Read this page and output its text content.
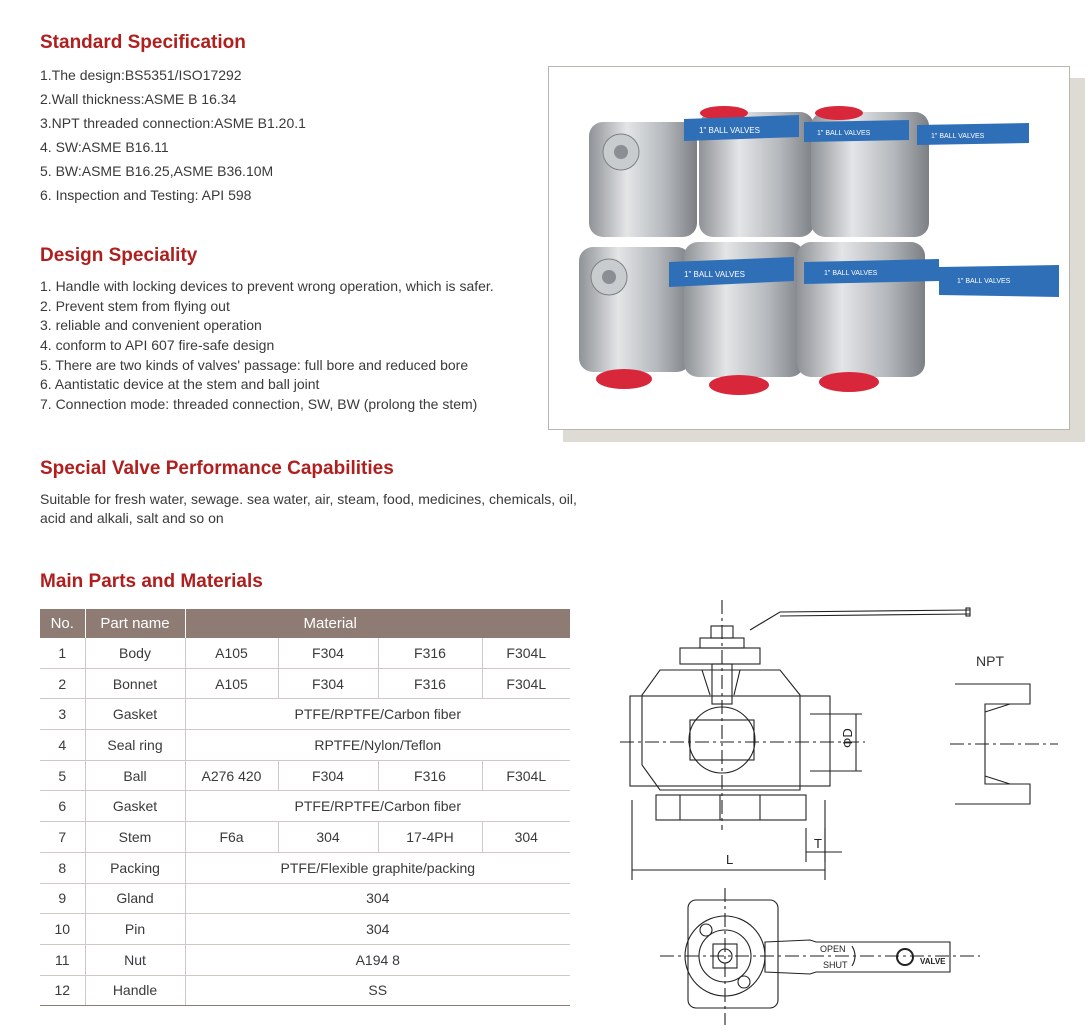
Standard Specification
1.The design:BS5351/ISO17292
2.Wall thickness:ASME B 16.34
3.NPT threaded connection:ASME B1.20.1
4. SW:ASME B16.11
5. BW:ASME B16.25,ASME B36.10M
6. Inspection and Testing: API 598
Design Speciality
1. Handle with locking devices to prevent wrong operation, which is safer.
2. Prevent stem from flying out
3. reliable and convenient operation
4. conform to API 607 fire-safe design
5. There are two kinds of valves' passage: full bore and reduced bore
6. Aantistatic device at the stem and ball joint
7. Connection mode: threaded connection, SW, BW (prolong the stem)
1" BALL VALVES	1" BALL VALVES	1" BALL VALVES
1" BALL VALVES	1" BALL VALVES
1" BALL VALVES
Special Valve Performance Capabilities

Suitable for fresh water, sewage. sea water, air, steam, food, medicines, chemicals, oil, acid and alkali, salt and so on

Main Parts and Materials
No.	Part name	Material			
1	Body	A105	F304	F316	F304L
2	Bonnet	A105	F304	F316	F304L
3	Gasket	PTFE/RPTFE/Carbon fiber			
4	Seal ring	RPTFE/Nylon/Teflon			
5	Ball	A276 420	F304	F316	F304L
6	Gasket	PTFE/RPTFE/Carbon fiber			
7	Stem	F6a	304	17-4PH	304
8	Packing	PTFE/Flexible graphite/packing			
9	Gland	304			
10	Pin	304			
11	Nut	A194 8			
12	Handle	SS			
ΦD
T
L
NPT
OPEN
SHUT	VALVE
